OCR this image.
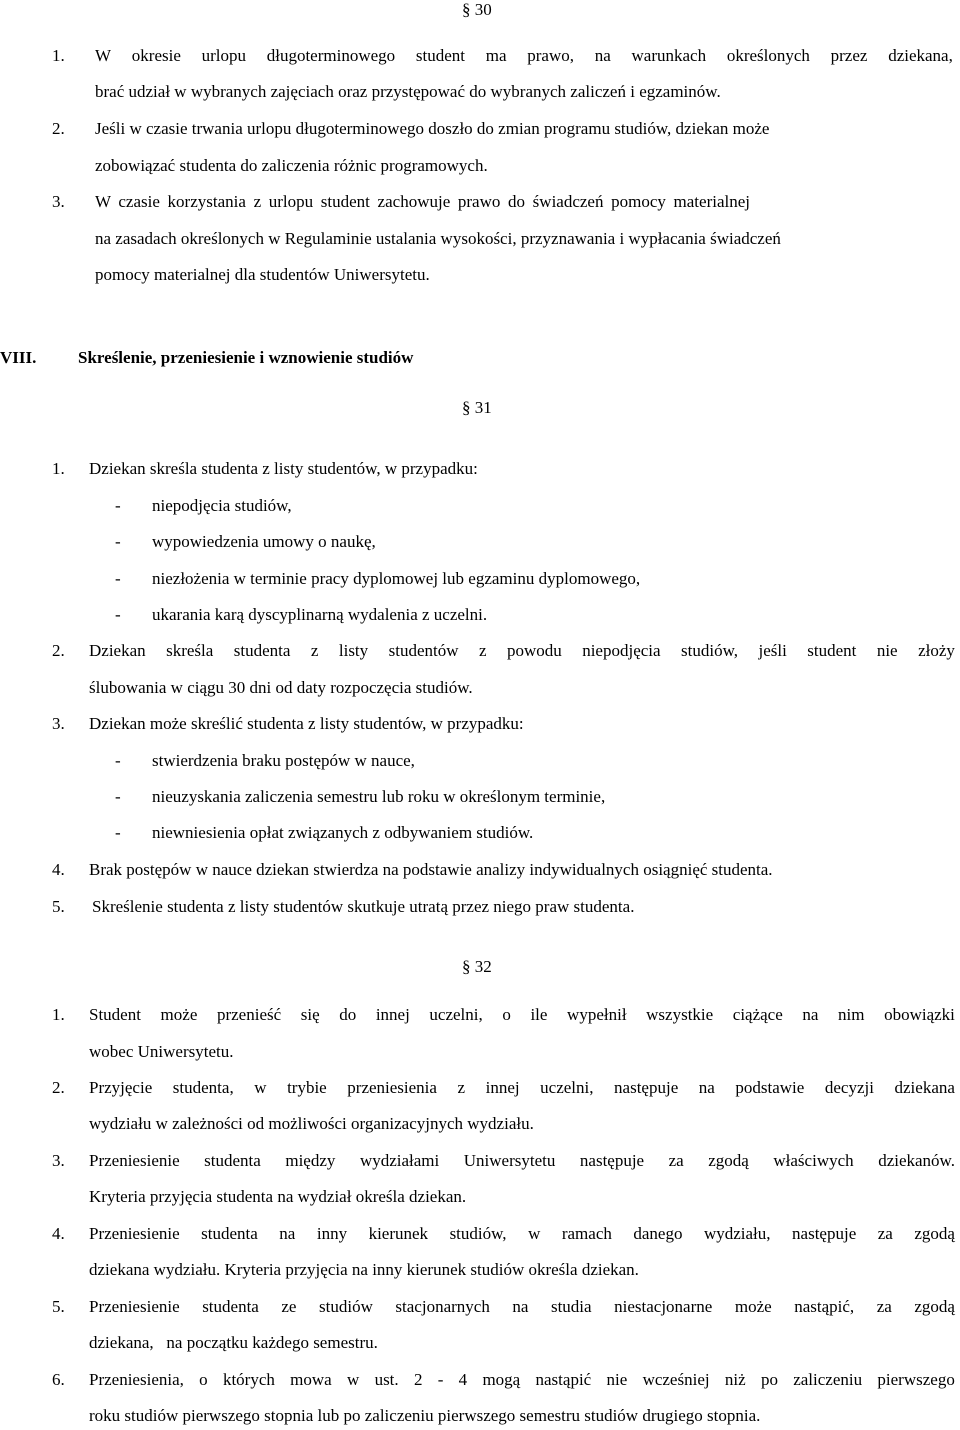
§ 30
1. W okresie urlopu długoterminowego student ma prawo, na warunkach określonych przez dziekana,
brać udział w wybranych zajęciach oraz przystępować do wybranych zaliczeń i egzaminów.
2. Jeśli w czasie trwania urlopu długoterminowego doszło do zmian programu studiów, dziekan może
zobowiązać studenta do zaliczenia różnic programowych.
3. W czasie korzystania z urlopu student zachowuje prawo do świadczeń pomocy materialnej
na zasadach określonych w Regulaminie ustalania wysokości, przyznawania i wypłacania świadczeń
pomocy materialnej dla studentów Uniwersytetu.
VIII. Skreślenie, przeniesienie i wznowienie studiów
§ 31
1. Dziekan skreśla studenta z listy studentów, w przypadku:
- niepodjęcia studiów,
- wypowiedzenia umowy o naukę,
- niezłożenia w terminie pracy dyplomowej lub egzaminu dyplomowego,
- ukarania karą dyscyplinarną wydalenia z uczelni.
2. Dziekan skreśla studenta z listy studentów z powodu niepodjęcia studiów, jeśli student nie złoży
ślubowania w ciągu 30 dni od daty rozpoczęcia studiów.
3. Dziekan może skreślić studenta z listy studentów, w przypadku:
- stwierdzenia braku postępów w nauce,
- nieuzyskania zaliczenia semestru lub roku w określonym terminie,
- niewniesienia opłat związanych z odbywaniem studiów.
4. Brak postępów w nauce dziekan stwierdza na podstawie analizy indywidualnych osiągnięć studenta.
5. Skreślenie studenta z listy studentów skutkuje utratą przez niego praw studenta.
§ 32
1. Student może przenieść się do innej uczelni, o ile wypełnił wszystkie ciążące na nim obowiązki
wobec Uniwersytetu.
2. Przyjęcie studenta, w trybie przeniesienia z innej uczelni, następuje na podstawie decyzji dziekana
wydziału w zależności od możliwości organizacyjnych wydziału.
3. Przeniesienie studenta między wydziałami Uniwersytetu następuje za zgodą właściwych dziekanów.
Kryteria przyjęcia studenta na wydział określa dziekan.
4. Przeniesienie studenta na inny kierunek studiów, w ramach danego wydziału, następuje za zgodą
dziekana wydziału. Kryteria przyjęcia na inny kierunek studiów określa dziekan.
5. Przeniesienie studenta ze studiów stacjonarnych na studia niestacjonarne może nastąpić, za zgodą
dziekana,   na początku każdego semestru.
6. Przeniesienia, o których mowa w ust. 2 - 4 mogą nastąpić nie wcześniej niż po zaliczeniu pierwszego
roku studiów pierwszego stopnia lub po zaliczeniu pierwszego semestru studiów drugiego stopnia.
